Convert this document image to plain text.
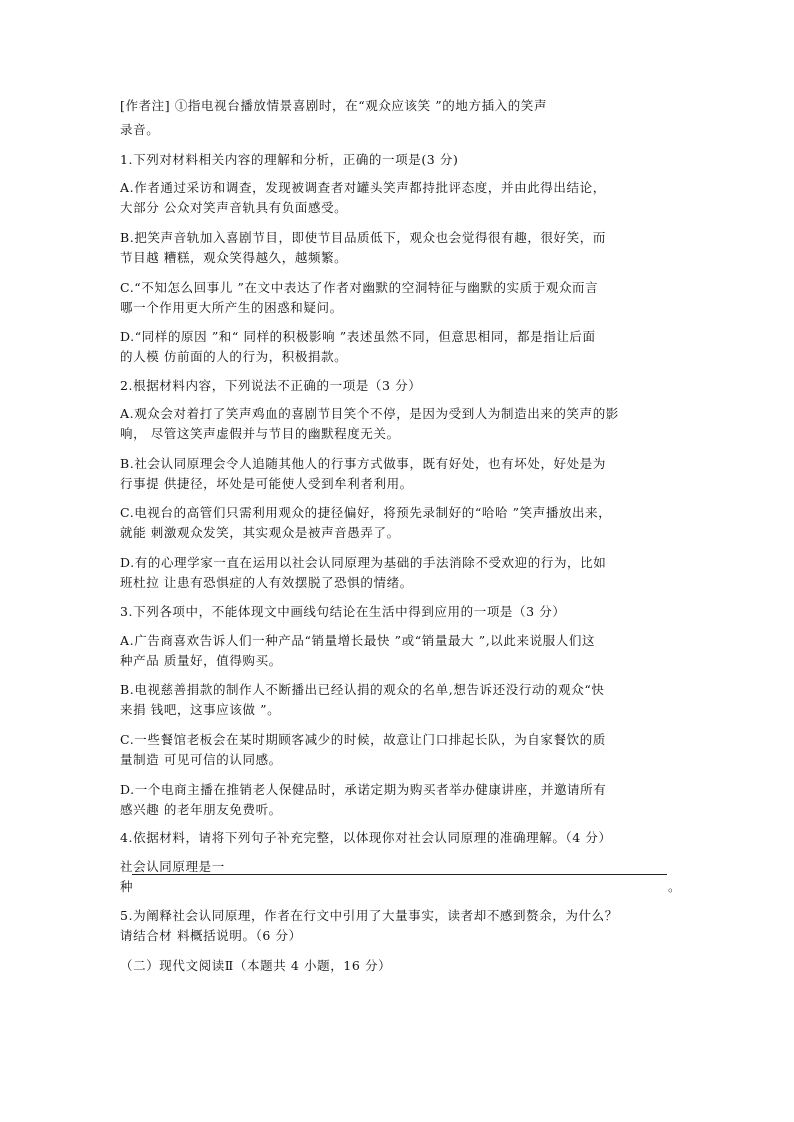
[作者注] ①指电视台播放情景喜剧时，在“观众应该笑 ”的地方插入的笑声
录音。
1.下列对材料相关内容的理解和分析，正确的一项是(3 分)
A.作者通过采访和调查，发现被调查者对罐头笑声都持批评态度，并由此得出结论，
大部分 公众对笑声音轨具有负面感受。
B.把笑声音轨加入喜剧节目，即使节目品质低下，观众也会觉得很有趣，很好笑，而
节目越 糟糕，观众笑得越久，越频繁。
C.“不知怎么回事儿 ”在文中表达了作者对幽默的空洞特征与幽默的实质于观众而言
哪一个作用更大所产生的困惑和疑问。
D.“同样的原因 ”和“ 同样的积极影响 ”表述虽然不同，但意思相同，都是指让后面
的人模 仿前面的人的行为，积极捐款。
2.根据材料内容，下列说法不正确的一项是（3 分）
A.观众会对着打了笑声鸡血的喜剧节目笑个不停，是因为受到人为制造出来的笑声的影
响， 尽管这笑声虚假并与节目的幽默程度无关。
B.社会认同原理会令人追随其他人的行事方式做事，既有好处，也有坏处，好处是为
行事提 供捷径，坏处是可能使人受到牟利者利用。
C.电视台的高管们只需利用观众的捷径偏好，将预先录制好的“哈哈 ”笑声播放出来，
就能 刺激观众发笑，其实观众是被声音愚弄了。
D.有的心理学家一直在运用以社会认同原理为基础的手法消除不受欢迎的行为，比如
班杜拉 让患有恐惧症的人有效摆脱了恐惧的情绪。
3.下列各项中，不能体现文中画线句结论在生活中得到应用的一项是（3 分）
A.广告商喜欢告诉人们一种产品“销量增长最快 ”或“销量最大 ”,以此来说服人们这
种产品 质量好，值得购买。
B.电视慈善捐款的制作人不断播出已经认捐的观众的名单,想告诉还没行动的观众“快
来捐 钱吧，这事应该做 ”。
C.一些餐馆老板会在某时期顾客减少的时候，故意让门口排起长队，为自家餐饮的质
量制造 可见可信的认同感。
D.一个电商主播在推销老人保健品时，承诺定期为购买者举办健康讲座，并邀请所有
感兴趣 的老年朋友免费听。
4.依据材料，请将下列句子补充完整，以体现你对社会认同原理的准确理解。（4 分）
社会认同原理是一
种	。
5.为阐释社会认同原理，作者在行文中引用了大量事实，读者却不感到赘余，为什么？
请结合材 料概括说明。（6 分）
（二）现代文阅读Ⅱ（本题共 4 小题，16 分）
